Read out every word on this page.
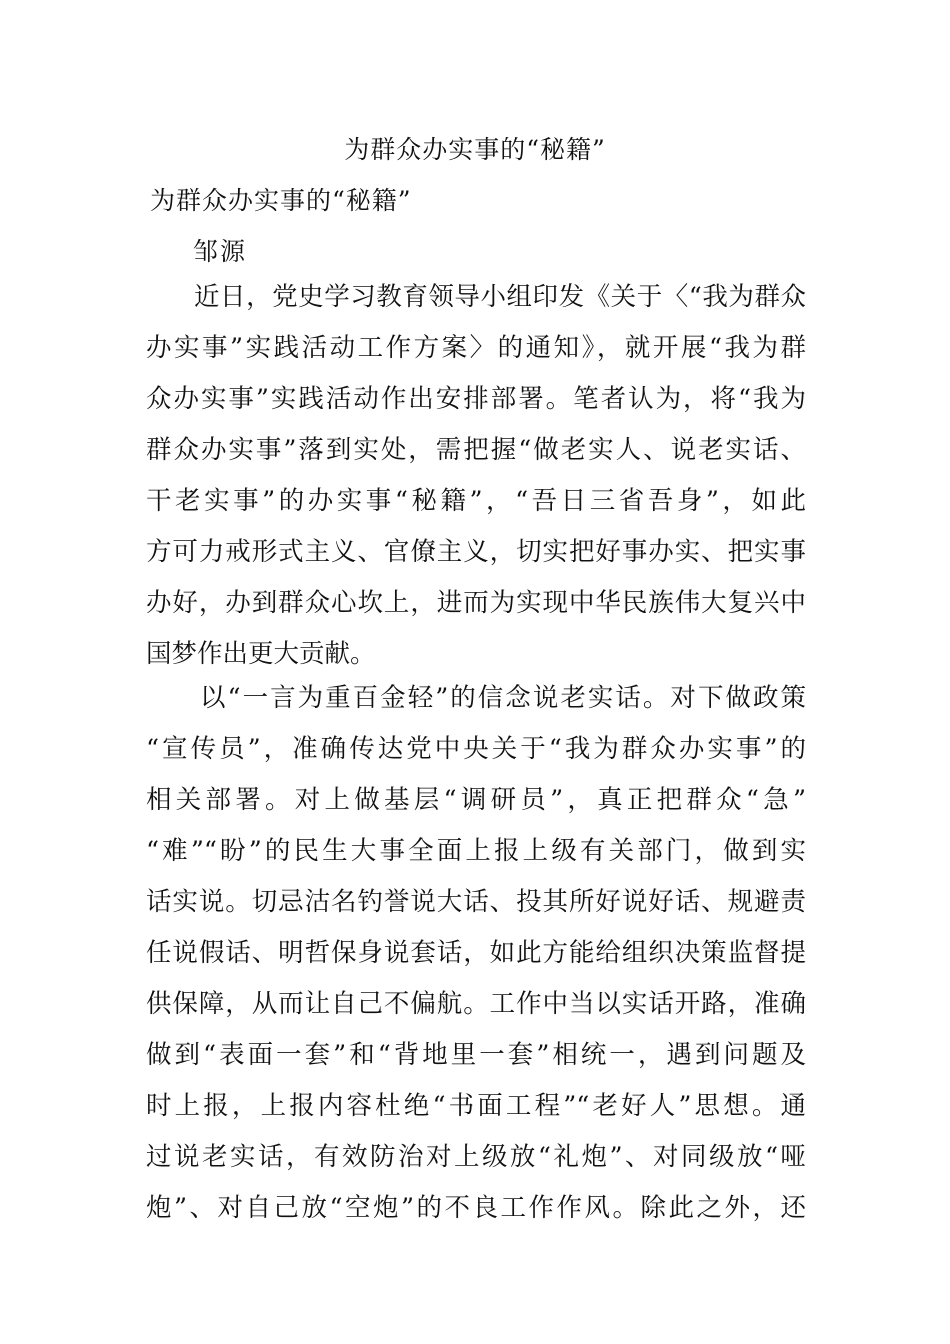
为群众办实事的“秘籍”
为群众办实事的“秘籍”
邹源
近日，党史学习教育领导小组印发《关于〈“我为群众
办实事”实践活动工作方案〉的通知》，就开展“我为群
众办实事”实践活动作出安排部署。笔者认为，将“我为
群众办实事”落到实处，需把握“做老实人、说老实话、
干老实事”的办实事“秘籍”，“吾日三省吾身”，如此
方可力戒形式主义、官僚主义，切实把好事办实、把实事
办好，办到群众心坎上，进而为实现中华民族伟大复兴中
国梦作出更大贡献。
以“一言为重百金轻”的信念说老实话。对下做政策
“宣传员”，准确传达党中央关于“我为群众办实事”的
相关部署。对上做基层“调研员”，真正把群众“急”
“难”“盼”的民生大事全面上报上级有关部门，做到实
话实说。切忌沽名钓誉说大话、投其所好说好话、规避责
任说假话、明哲保身说套话，如此方能给组织决策监督提
供保障，从而让自己不偏航。工作中当以实话开路，准确
做到“表面一套”和“背地里一套”相统一，遇到问题及
时上报，上报内容杜绝“书面工程”“老好人”思想。通
过说老实话，有效防治对上级放“礼炮”、对同级放“哑
炮”、对自己放“空炮”的不良工作作风。除此之外，还
